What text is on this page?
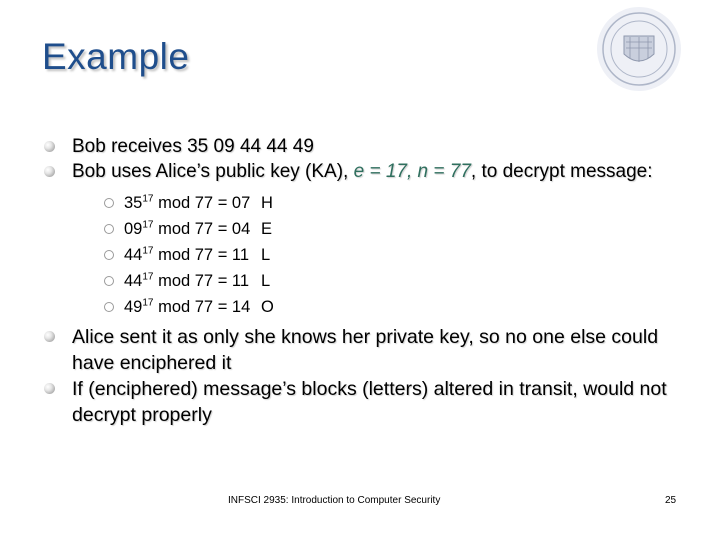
Example
Bob receives 35 09 44 44 49
Bob uses Alice’s public key (KA), e = 17, n = 77, to decrypt message:
$35^{17}$ mod 77 = 07 H
$09^{17}$ mod 77 = 04 E
$44^{17}$ mod 77 = 11 L
$44^{17}$ mod 77 = 11 L
$49^{17}$ mod 77 = 14 O
Alice sent it as only she knows her private key, so no one else could have enciphered it
If (enciphered) message’s blocks (letters) altered in transit, would not decrypt properly
INFSCI 2935: Introduction to Computer Security	25
